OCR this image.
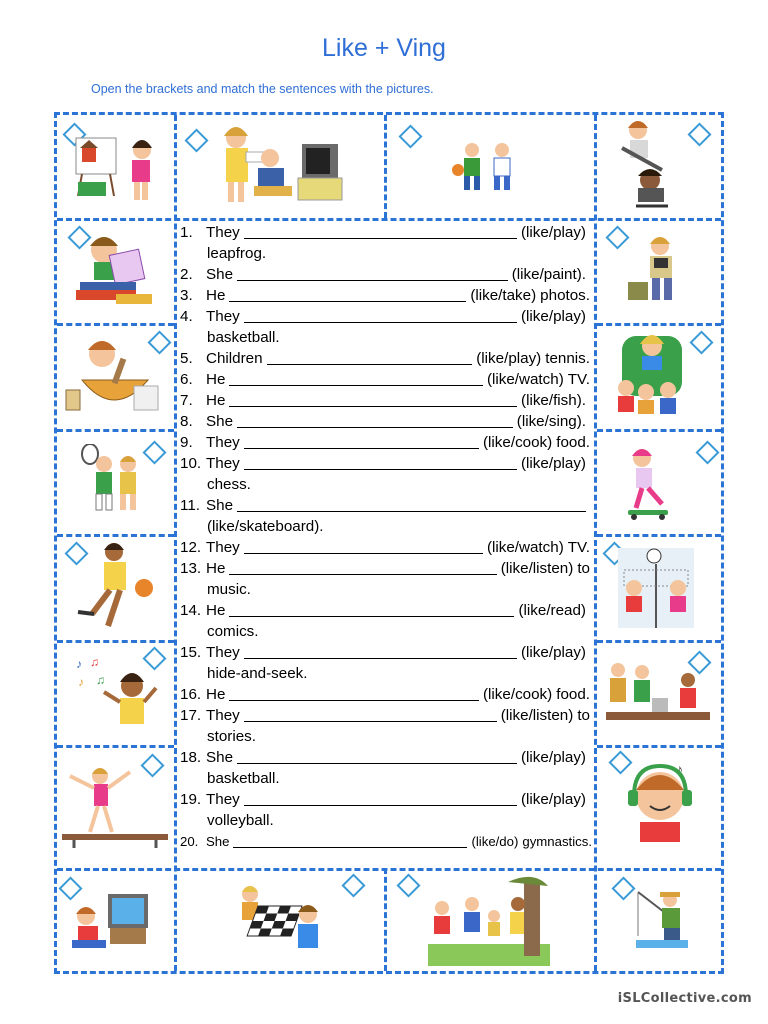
Like + Ving
Open the brackets and match the sentences with the pictures.
♪ ♫
♪ ♫
♪
1. They	(like/play)
leapfrog.
2. She	(like/paint).
3. He	(like/take) photos.
4. They	(like/play)
basketball.
5. Children	(like/play) tennis.
6. He	(like/watch) TV.
7. He	(like/fish).
8. She	(like/sing).
9. They	(like/cook) food.
10. They	(like/play)
chess.
11. She
(like/skateboard).
12. They	(like/watch) TV.
13. He	(like/listen) to
music.
14. He	(like/read)
comics.
15. They	(like/play)
hide-and-seek.
16. He	(like/cook) food.
17. They	(like/listen) to
stories.
18. She	(like/play)
basketball.
19. They	(like/play)
volleyball.
20. She	(like/do) gymnastics.
iSLCollective.com
